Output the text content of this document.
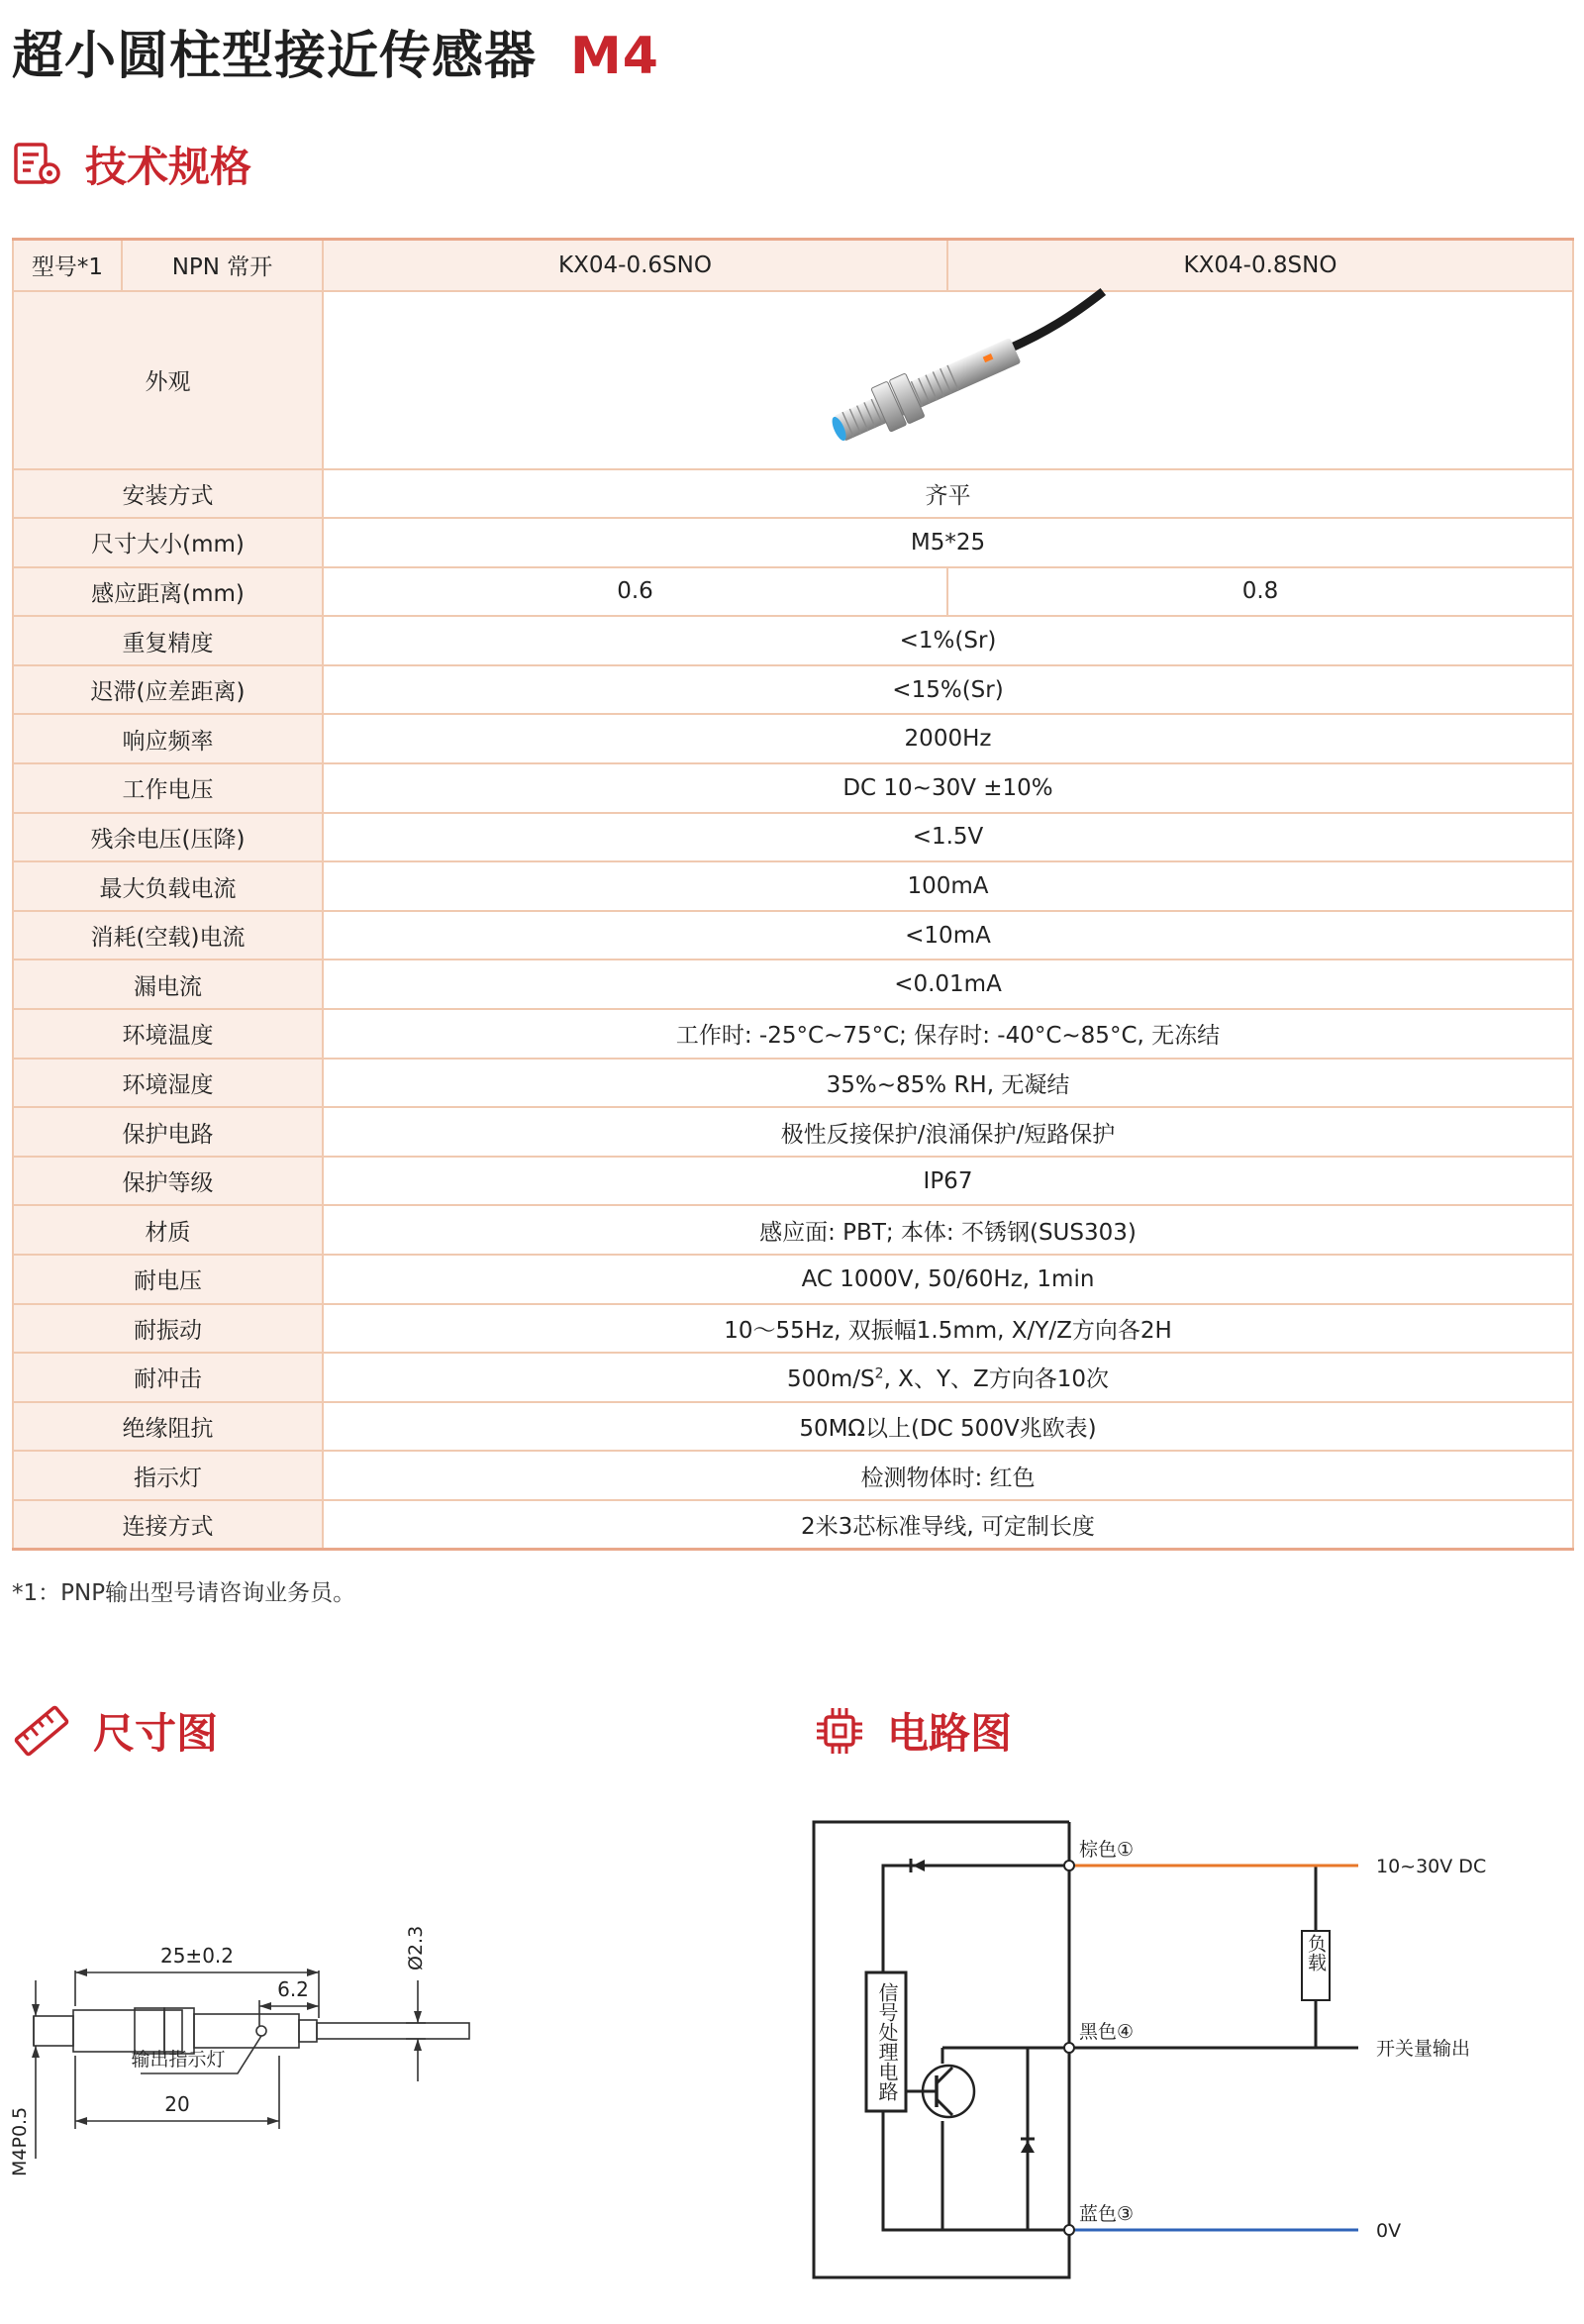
超小圆柱型接近传感器 M4
技术规格
型号*1	NPN 常开	KX04-0.6SNO	KX04-0.8SNO
外观	
安装方式		齐平	
尺寸大小(mm)		M5*25	
感应距离(mm)		0.6	0.8
重复精度		<1%(Sr)	
迟滞(应差距离)		<15%(Sr)	
响应频率		2000Hz	
工作电压		DC 10~30V ±10%	
残余电压(压降)		<1.5V	
最大负载电流		100mA	
消耗(空载)电流		<10mA	
漏电流		<0.01mA	
环境温度		工作时: -25°C~75°C; 保存时: -40°C~85°C, 无冻结	
环境湿度		35%~85% RH, 无凝结	
保护电路		极性反接保护/浪涌保护/短路保护	
保护等级		IP67	
材质		感应面: PBT; 本体: 不锈钢(SUS303)	
耐电压		AC 1000V, 50/60Hz, 1min	
耐振动		10～55Hz, 双振幅1.5mm, X/Y/Z方向各2H	
耐冲击		$500m/S^2$, X、Y、Z方向各10次	
绝缘阻抗		50MΩ以上(DC 500V兆欧表)	
指示灯		检测物体时: 红色	
连接方式		2米3芯标准导线, 可定制长度	
*1：PNP输出型号请咨询业务员。
尺寸图	电路图
25±0.2
6.2
20
输出指示灯
Ø2.3
M4P0.5
负载
信号处理电路
棕色①
黑色④
蓝色③
10~30V DC
开关量输出
0V
